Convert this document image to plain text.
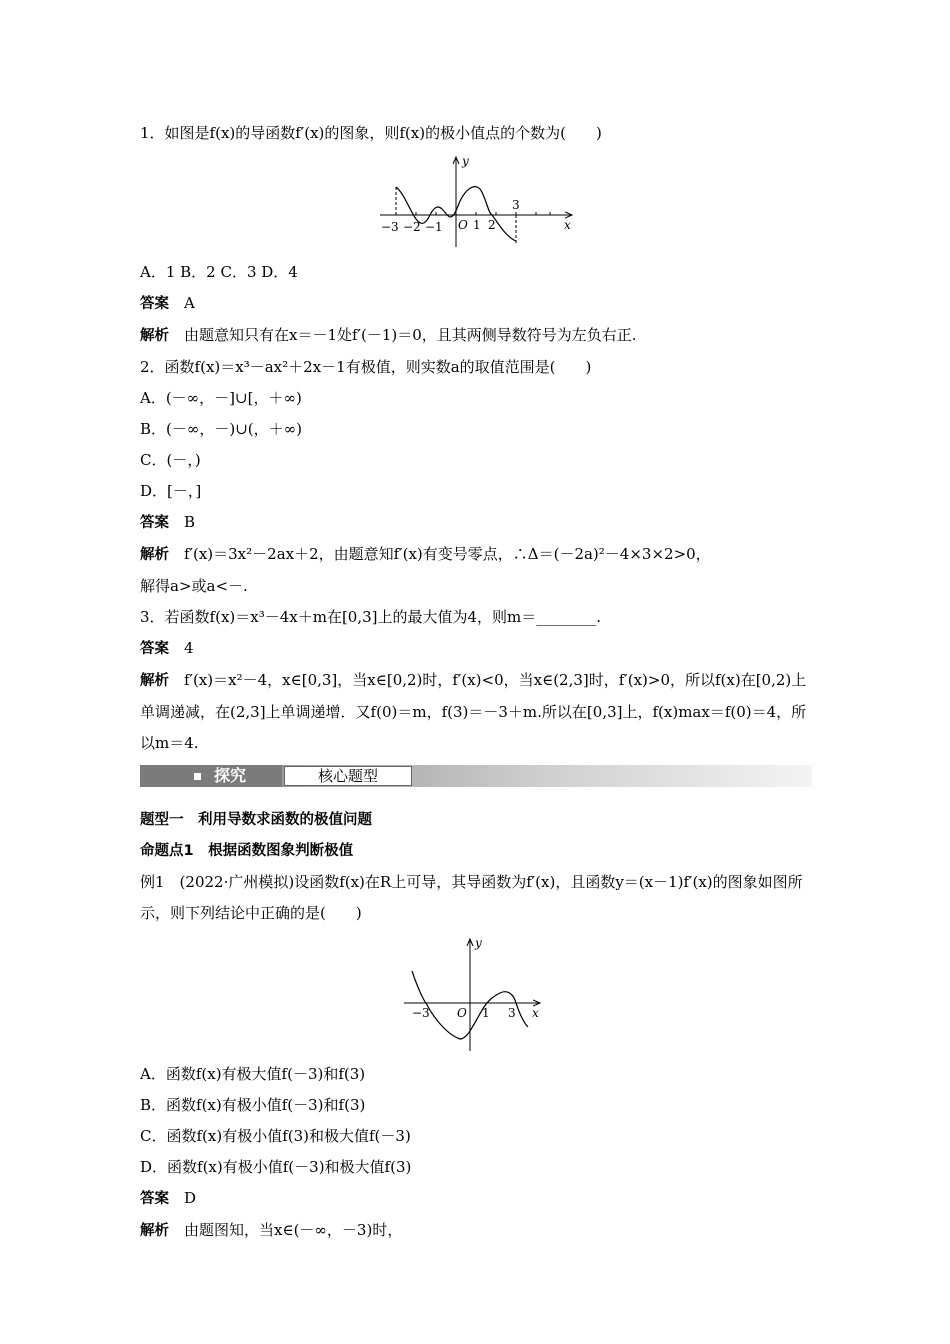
1．如图是f(x)的导函数f′(x)的图象，则f(x)的极小值点的个数为(　　)
−3 −2 −1 O 1 2
3
x
y
A．1 B．2 C．3 D．4
答案　 A
解析　 由题意知只有在x＝－1处f′(－1)＝0，且其两侧导数符号为左负右正.
2．函数f(x)＝x³－ax²＋2x－1有极值，则实数a的取值范围是(　　)
A．(－∞，－]∪[，＋∞)
B．(－∞，－)∪(，＋∞)
C．(－，)
D．[－，]
答案　 B
解析　 f′(x)＝3x²－2ax＋2，由题意知f′(x)有变号零点，∴Δ＝(－2a)²－4×3×2>0，
解得a>或a<－.
3．若函数f(x)＝x³－4x＋m在[0,3]上的最大值为4，则m＝________.
答案　 4
解析　 f′(x)＝x²－4，x∈[0,3]，当x∈[0,2)时，f′(x)<0，当x∈(2,3]时，f′(x)>0，所以f(x)在[0,2)上单调递减，在(2,3]上单调递增．又f(0)＝m，f(3)＝－3＋m.所以在[0,3]上，f(x)max＝f(0)＝4，所以m＝4.
探究	核心题型
题型一　利用导数求函数的极值问题
命题点1　根据函数图象判断极值
例1　(2022·广州模拟)设函数f(x)在R上可导，其导函数为f′(x)，且函数y＝(x－1)f′(x)的图象如图所示，则下列结论中正确的是(　　)
−3 O 1 3 x
y
A．函数f(x)有极大值f(－3)和f(3)
B．函数f(x)有极小值f(－3)和f(3)
C．函数f(x)有极小值f(3)和极大值f(－3)
D．函数f(x)有极小值f(－3)和极大值f(3)
答案　 D
解析　 由题图知，当x∈(－∞，－3)时，
